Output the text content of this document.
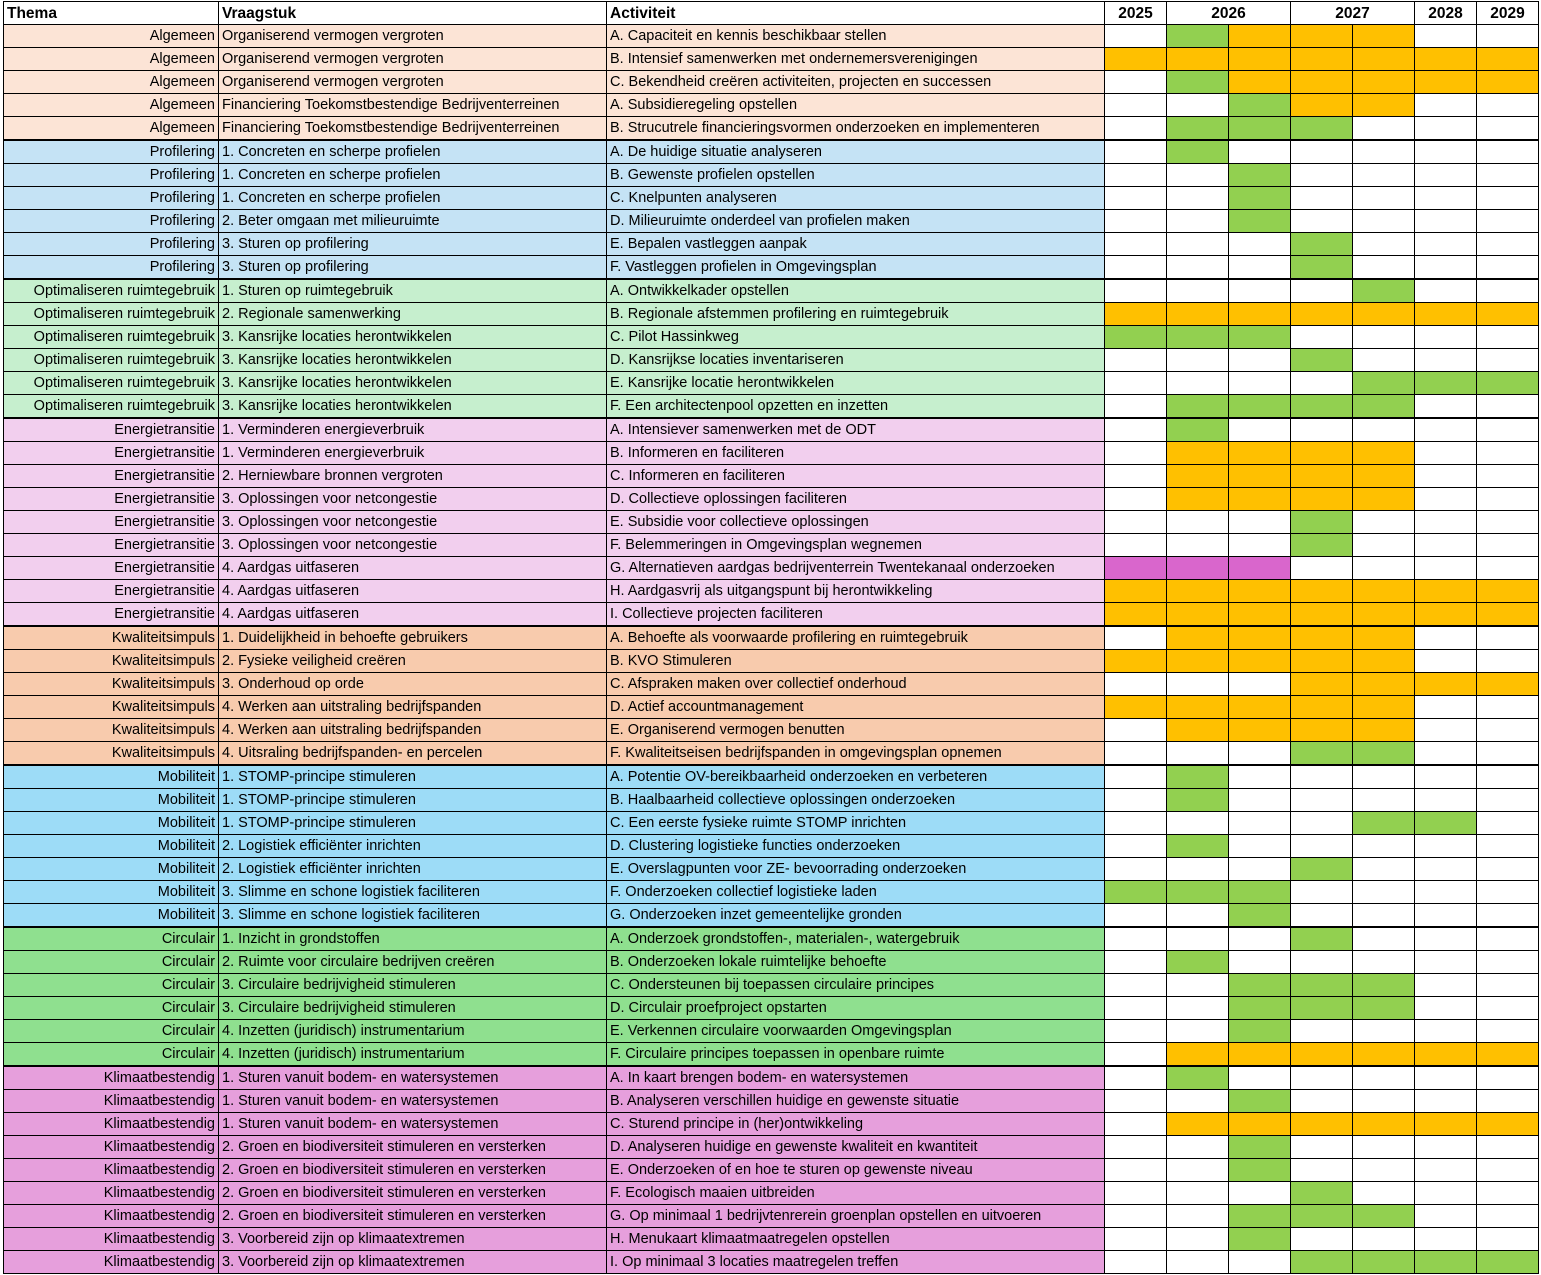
Thema	Vraagstuk	Activiteit	2025	2026		2027		2028	2029
Algemeen	Organiserend vermogen vergroten	A. Capaciteit en kennis beschikbaar stellen							
Algemeen	Organiserend vermogen vergroten	B. Intensief samenwerken met ondernemersverenigingen							
Algemeen	Organiserend vermogen vergroten	C. Bekendheid creëren activiteiten, projecten en successen							
Algemeen	Financiering Toekomstbestendige Bedrijventerreinen	A. Subsidieregeling opstellen							
Algemeen	Financiering Toekomstbestendige Bedrijventerreinen	B. Strucutrele financieringsvormen onderzoeken en implementeren							
Profilering	1. Concreten en scherpe profielen	A. De huidige situatie analyseren							
Profilering	1. Concreten en scherpe profielen	B. Gewenste profielen opstellen							
Profilering	1. Concreten en scherpe profielen	C. Knelpunten analyseren							
Profilering	2. Beter omgaan met milieuruimte	D. Milieuruimte onderdeel van profielen maken							
Profilering	3. Sturen op profilering	E. Bepalen vastleggen aanpak							
Profilering	3. Sturen op profilering	F. Vastleggen profielen in Omgevingsplan							
Optimaliseren ruimtegebruik	1. Sturen op ruimtegebruik	A. Ontwikkelkader opstellen							
Optimaliseren ruimtegebruik	2. Regionale samenwerking	B. Regionale afstemmen profilering en ruimtegebruik							
Optimaliseren ruimtegebruik	3. Kansrijke locaties herontwikkelen	C. Pilot Hassinkweg							
Optimaliseren ruimtegebruik	3. Kansrijke locaties herontwikkelen	D. Kansrijkse locaties inventariseren							
Optimaliseren ruimtegebruik	3. Kansrijke locaties herontwikkelen	E. Kansrijke locatie herontwikkelen							
Optimaliseren ruimtegebruik	3. Kansrijke locaties herontwikkelen	F. Een architectenpool opzetten en inzetten							
Energietransitie	1. Verminderen energieverbruik	A. Intensiever samenwerken met de ODT							
Energietransitie	1. Verminderen energieverbruik	B. Informeren en faciliteren							
Energietransitie	2. Herniewbare bronnen vergroten	C. Informeren en faciliteren							
Energietransitie	3. Oplossingen voor netcongestie	D. Collectieve oplossingen faciliteren							
Energietransitie	3. Oplossingen voor netcongestie	E. Subsidie voor collectieve oplossingen							
Energietransitie	3. Oplossingen voor netcongestie	F. Belemmeringen in Omgevingsplan wegnemen							
Energietransitie	4. Aardgas uitfaseren	G. Alternatieven aardgas bedrijventerrein Twentekanaal onderzoeken							
Energietransitie	4. Aardgas uitfaseren	H. Aardgasvrij als uitgangspunt bij herontwikkeling							
Energietransitie	4. Aardgas uitfaseren	I. Collectieve projecten faciliteren							
Kwaliteitsimpuls	1. Duidelijkheid in behoefte gebruikers	A. Behoefte als voorwaarde profilering en ruimtegebruik							
Kwaliteitsimpuls	2. Fysieke veiligheid creëren	B. KVO Stimuleren							
Kwaliteitsimpuls	3. Onderhoud op orde	C. Afspraken maken over collectief onderhoud							
Kwaliteitsimpuls	4. Werken aan uitstraling bedrijfspanden	D. Actief accountmanagement							
Kwaliteitsimpuls	4. Werken aan uitstraling bedrijfspanden	E. Organiserend vermogen benutten							
Kwaliteitsimpuls	4. Uitsraling bedrijfspanden- en percelen	F. Kwaliteitseisen bedrijfspanden in omgevingsplan opnemen							
Mobiliteit	1. STOMP-principe stimuleren	A. Potentie OV-bereikbaarheid onderzoeken en verbeteren							
Mobiliteit	1. STOMP-principe stimuleren	B. Haalbaarheid collectieve oplossingen onderzoeken							
Mobiliteit	1. STOMP-principe stimuleren	C. Een eerste fysieke ruimte STOMP inrichten							
Mobiliteit	2. Logistiek efficiënter inrichten	D. Clustering logistieke functies onderzoeken							
Mobiliteit	2. Logistiek efficiënter inrichten	E. Overslagpunten voor ZE- bevoorrading onderzoeken							
Mobiliteit	3. Slimme en schone logistiek faciliteren	F. Onderzoeken collectief logistieke laden							
Mobiliteit	3. Slimme en schone logistiek faciliteren	G. Onderzoeken inzet gemeentelijke gronden							
Circulair	1. Inzicht in grondstoffen	A. Onderzoek grondstoffen-, materialen-, watergebruik							
Circulair	2. Ruimte voor circulaire bedrijven creëren	B. Onderzoeken lokale ruimtelijke behoefte							
Circulair	3. Circulaire bedrijvigheid stimuleren	C. Ondersteunen bij toepassen circulaire principes							
Circulair	3. Circulaire bedrijvigheid stimuleren	D. Circulair proefproject opstarten							
Circulair	4. Inzetten (juridisch) instrumentarium	E. Verkennen circulaire voorwaarden Omgevingsplan							
Circulair	4. Inzetten (juridisch) instrumentarium	F. Circulaire principes toepassen in openbare ruimte							
Klimaatbestendig	1. Sturen vanuit bodem- en watersystemen	A. In kaart brengen bodem- en watersystemen							
Klimaatbestendig	1. Sturen vanuit bodem- en watersystemen	B. Analyseren verschillen huidige en gewenste situatie							
Klimaatbestendig	1. Sturen vanuit bodem- en watersystemen	C. Sturend principe in (her)ontwikkeling							
Klimaatbestendig	2. Groen en biodiversiteit stimuleren en versterken	D. Analyseren huidige en gewenste kwaliteit en kwantiteit							
Klimaatbestendig	2. Groen en biodiversiteit stimuleren en versterken	E. Onderzoeken of en hoe te sturen op gewenste niveau							
Klimaatbestendig	2. Groen en biodiversiteit stimuleren en versterken	F. Ecologisch maaien uitbreiden							
Klimaatbestendig	2. Groen en biodiversiteit stimuleren en versterken	G. Op minimaal 1 bedrijvtenrerein groenplan opstellen en uitvoeren							
Klimaatbestendig	3. Voorbereid zijn op klimaatextremen	H. Menukaart klimaatmaatregelen opstellen							
Klimaatbestendig	3. Voorbereid zijn op klimaatextremen	I. Op minimaal 3 locaties maatregelen treffen							
